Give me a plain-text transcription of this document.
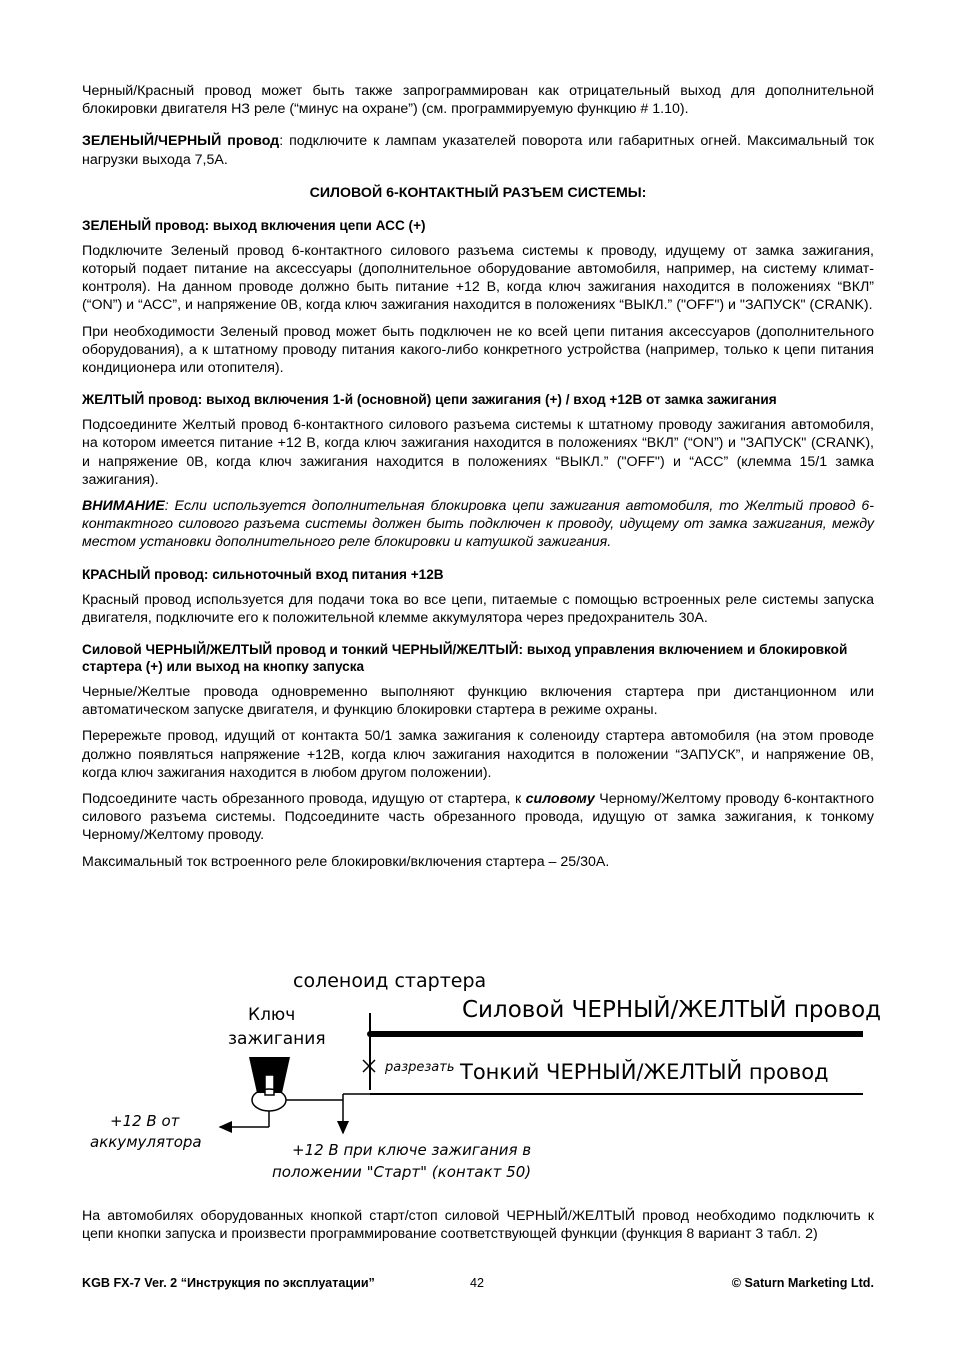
Черный/Красный провод может быть также запрограммирован как отрицательный выход для дополнительной блокировки двигателя НЗ реле (“минус на охране”) (см. программируемую функцию # 1.10).

ЗЕЛЕНЫЙ/ЧЕРНЫЙ провод: подключите к лампам указателей поворота или габаритных огней. Максимальный ток нагрузки выхода 7,5А.

СИЛОВОЙ 6-КОНТАКТНЫЙ РАЗЪЕМ СИСТЕМЫ:
ЗЕЛЕНЫЙ провод: выход включения цепи АСС (+)

Подключите Зеленый провод 6-контактного силового разъема системы к проводу, идущему от замка зажигания, который подает питание на аксессуары (дополнительное оборудование автомобиля, например, на систему климат-контроля). На данном проводе должно быть питание +12 В, когда ключ зажигания находится в положениях “ВКЛ” (“ON”) и “АСС”, и напряжение 0В, когда ключ зажигания находится в положениях “ВЫКЛ.” ("OFF") и "ЗАПУСК" (CRANK).

При необходимости Зеленый провод может быть подключен не ко всей цепи питания аксессуаров (дополнительного оборудования), а к штатному проводу питания какого-либо конкретного устройства (например, только к цепи питания кондиционера или отопителя).

ЖЕЛТЫЙ провод: выход включения 1-й (основной) цепи зажигания (+) / вход +12В от замка зажигания

Подсоедините Желтый провод 6-контактного силового разъема системы к штатному проводу зажигания автомобиля, на котором имеется питание +12 В, когда ключ зажигания находится в положениях “ВКЛ” (“ON”) и "ЗАПУСК" (CRANK), и напряжение 0В, когда ключ зажигания находится в положениях “ВЫКЛ.” ("OFF") и “АСС” (клемма 15/1 замка зажигания).

ВНИМАНИЕ: Если используется дополнительная блокировка цепи зажигания автомобиля, то Желтый провод 6-контактного силового разъема системы должен быть подключен к проводу, идущему от замка зажигания, между местом установки дополнительного реле блокировки и катушкой зажигания.

КРАСНЫЙ провод: сильноточный вход питания +12В

Красный провод используется для подачи тока во все цепи, питаемые с помощью встроенных реле системы запуска двигателя, подключите его к положительной клемме аккумулятора через предохранитель 30А.

Силовой ЧЕРНЫЙ/ЖЕЛТЫЙ провод и тонкий ЧЕРНЫЙ/ЖЕЛТЫЙ: выход управления включением и блокировкой стартера (+) или выход на кнопку запуска

Черные/Желтые провода одновременно выполняют функцию включения стартера при дистанционном или автоматическом запуске двигателя, и функцию блокировки стартера в режиме охраны.

Перережьте провод, идущий от контакта 50/1 замка зажигания к соленоиду стартера автомобиля (на этом проводе должно появляться напряжение +12В, когда ключ зажигания находится в положении “ЗАПУСК”, и напряжение 0В, когда ключ зажигания находится в любом другом положении).

Подсоедините часть обрезанного провода, идущую от стартера, к силовому Черному/Желтому проводу 6-контактного силового разъема системы. Подсоедините часть обрезанного провода, идущую от замка зажигания, к тонкому Черному/Желтому проводу.

Максимальный ток встроенного реле блокировки/включения стартера – 25/30А.

соленоид стартера
Ключ
зажигания
Силовой ЧЕРНЫЙ/ЖЕЛТЫЙ провод
разрезать Тонкий ЧЕРНЫЙ/ЖЕЛТЫЙ провод
+12 В от
аккумулятора	+12 В при ключе зажигания в
положении "Старт" (контакт 50)

На автомобилях оборудованных кнопкой старт/стоп силовой ЧЕРНЫЙ/ЖЕЛТЫЙ провод необходимо подключить к цепи кнопки запуска и произвести программирование соответствующей функции (функция 8 вариант 3 табл. 2)

KGB FX-7 Ver. 2 “Инструкция по эксплуатации”	42	© Saturn Marketing Ltd.
